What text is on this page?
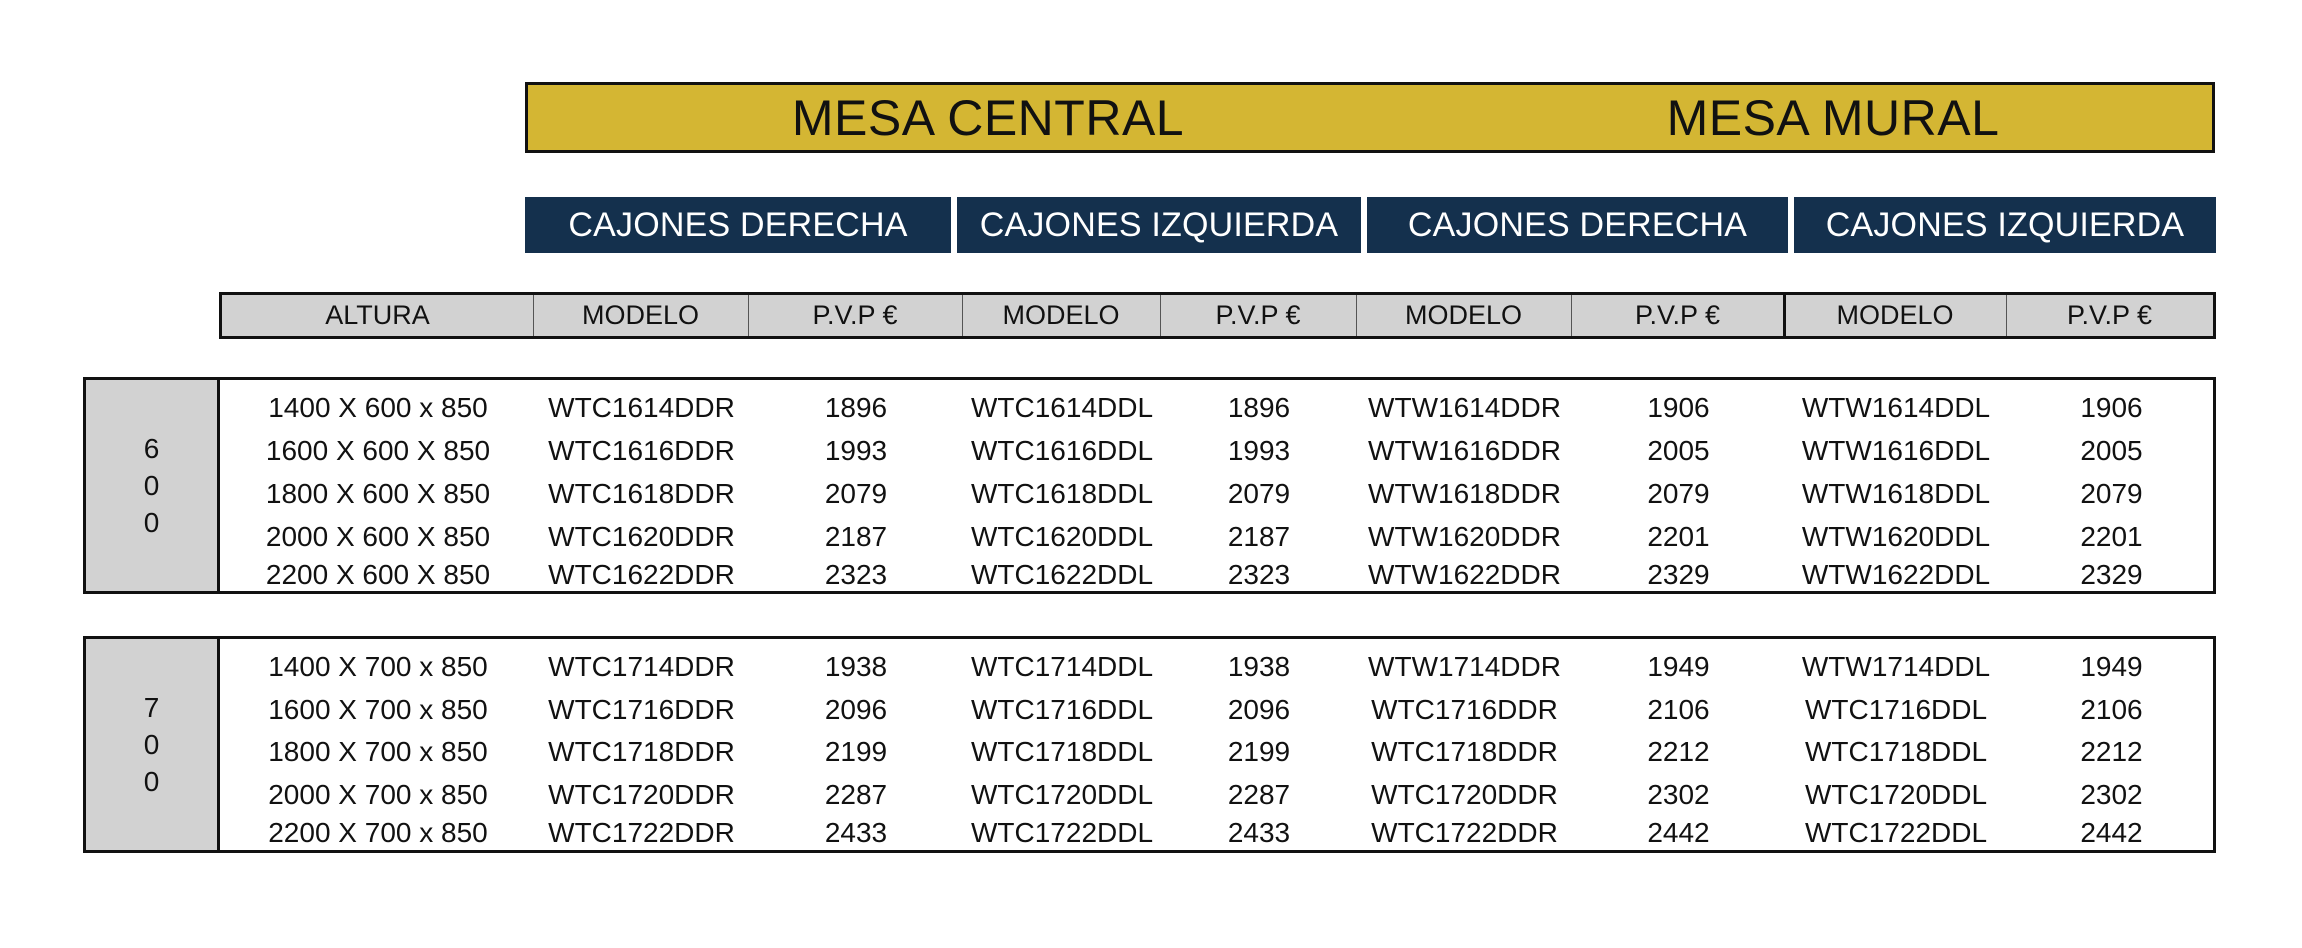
MESA CENTRAL	MESA MURAL
CAJONES DERECHA	CAJONES IZQUIERDA	CAJONES DERECHA	CAJONES IZQUIERDA
ALTURA	MODELO	P.V.P €	MODELO	P.V.P €	MODELO	P.V.P €	MODELO	P.V.P €
6
0
0
1400 X 600 x 850	WTC1614DDR	1896	WTC1614DDL	1896	WTW1614DDR	1906	WTW1614DDL	1906
1600 X 600 X 850	WTC1616DDR	1993	WTC1616DDL	1993	WTW1616DDR	2005	WTW1616DDL	2005
1800 X 600 X 850	WTC1618DDR	2079	WTC1618DDL	2079	WTW1618DDR	2079	WTW1618DDL	2079
2000 X 600 X 850	WTC1620DDR	2187	WTC1620DDL	2187	WTW1620DDR	2201	WTW1620DDL	2201
2200 X 600 X 850	WTC1622DDR	2323	WTC1622DDL	2323	WTW1622DDR	2329	WTW1622DDL	2329
7
0
0
1400 X 700 x 850	WTC1714DDR	1938	WTC1714DDL	1938	WTW1714DDR	1949	WTW1714DDL	1949
1600 X 700 x 850	WTC1716DDR	2096	WTC1716DDL	2096	WTC1716DDR	2106	WTC1716DDL	2106
1800 X 700 x 850	WTC1718DDR	2199	WTC1718DDL	2199	WTC1718DDR	2212	WTC1718DDL	2212
2000 X 700 x 850	WTC1720DDR	2287	WTC1720DDL	2287	WTC1720DDR	2302	WTC1720DDL	2302
2200 X 700 x 850	WTC1722DDR	2433	WTC1722DDL	2433	WTC1722DDR	2442	WTC1722DDL	2442
